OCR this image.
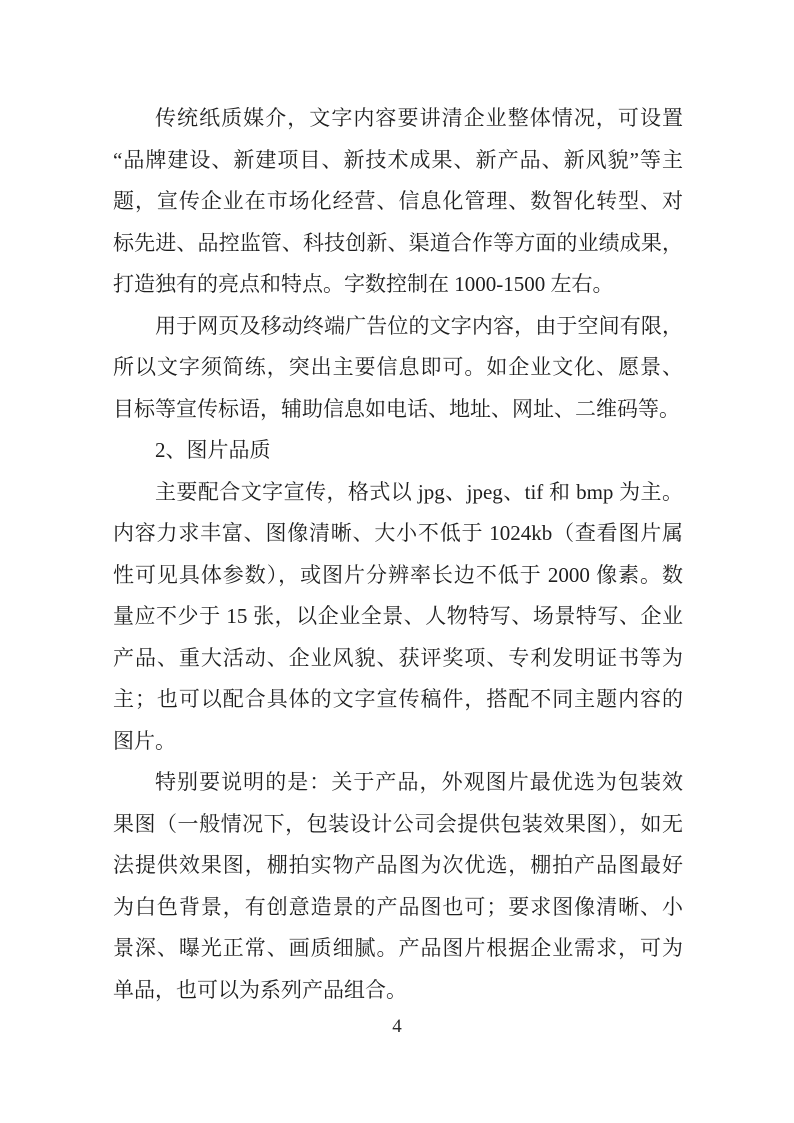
传统纸质媒介，文字内容要讲清企业整体情况，可设置
“品牌建设、新建项目、新技术成果、新产品、新风貌”等主
题，宣传企业在市场化经营、信息化管理、数智化转型、对
标先进、品控监管、科技创新、渠道合作等方面的业绩成果，
打造独有的亮点和特点。字数控制在 1000-1500 左右。
用于网页及移动终端广告位的文字内容，由于空间有限，
所以文字须简练，突出主要信息即可。如企业文化、愿景、
目标等宣传标语，辅助信息如电话、地址、网址、二维码等。
2、图片品质
主要配合文字宣传，格式以 jpg、jpeg、tif 和 bmp 为主。
内容力求丰富、图像清晰、大小不低于 1024kb（查看图片属
性可见具体参数），或图片分辨率长边不低于 2000 像素。数
量应不少于 15 张，以企业全景、人物特写、场景特写、企业
产品、重大活动、企业风貌、获评奖项、专利发明证书等为
主；也可以配合具体的文字宣传稿件，搭配不同主题内容的
图片。
特别要说明的是：关于产品，外观图片最优选为包装效
果图（一般情况下，包装设计公司会提供包装效果图），如无
法提供效果图，棚拍实物产品图为次优选，棚拍产品图最好
为白色背景，有创意造景的产品图也可；要求图像清晰、小
景深、曝光正常、画质细腻。产品图片根据企业需求，可为
单品，也可以为系列产品组合。
4
